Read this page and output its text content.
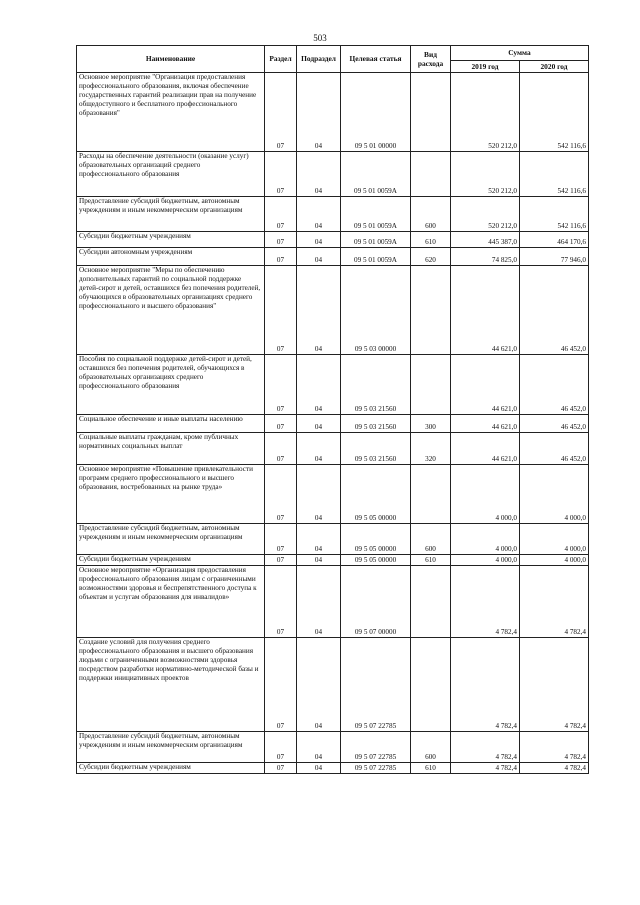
503
Наименование	Раздел	Подраздел	Целевая статья	Вид расхода	Сумма	
					2019 год	2020 год
Основное мероприятие "Организация предоставления профессионального образования, включая обеспечение государственных гарантий реализации прав на получение общедоступного и бесплатного профессионального образования"	07	04	09 5 01 00000		520 212,0	542 116,6
Расходы на обеспечение деятельности (оказание услуг) образовательных организаций среднего профессионального образования	07	04	09 5 01 0059А		520 212,0	542 116,6
Предоставление субсидий бюджетным, автономным учреждениям и иным некоммерческим организациям	07	04	09 5 01 0059А	600	520 212,0	542 116,6
Субсидии бюджетным учреждениям	07	04	09 5 01 0059А	610	445 387,0	464 170,6
Субсидии автономным учреждениям	07	04	09 5 01 0059А	620	74 825,0	77 946,0
Основное мероприятие "Меры по обеспечению дополнительных гарантий по социальной поддержке детей-сирот и детей, оставшихся без попечения родителей, обучающихся в образовательных организациях среднего профессионального и высшего образования"	07	04	09 5 03 00000		44 621,0	46 452,0
Пособия по социальной поддержке детей-сирот и детей, оставшихся без попечения родителей, обучающихся в образовательных организациях среднего профессионального образования	07	04	09 5 03 21560		44 621,0	46 452,0
Социальное обеспечение и иные выплаты населению	07	04	09 5 03 21560	300	44 621,0	46 452,0
Социальные выплаты гражданам, кроме публичных нормативных социальных выплат	07	04	09 5 03 21560	320	44 621,0	46 452,0
Основное мероприятие «Повышение привлекательности программ среднего профессионального и высшего образования, востребованных на рынке труда»	07	04	09 5 05 00000		4 000,0	4 000,0
Предоставление субсидий бюджетным, автономным учреждениям и иным некоммерческим организациям	07	04	09 5 05 00000	600	4 000,0	4 000,0
Субсидии бюджетным учреждениям	07	04	09 5 05 00000	610	4 000,0	4 000,0
Основное мероприятие «Организация предоставления профессионального образования лицам с ограниченными возможностями здоровья и беспрепятственного доступа к объектам и услугам образования для инвалидов»	07	04	09 5 07 00000		4 782,4	4 782,4
Создание условий для получения среднего профессионального образования и высшего образования людьми с ограниченными возможностями здоровья посредством разработки нормативно-методической базы и поддержки инициативных проектов	07	04	09 5 07 22785		4 782,4	4 782,4
Предоставление субсидий бюджетным, автономным учреждениям и иным некоммерческим организациям	07	04	09 5 07 22785	600	4 782,4	4 782,4
Субсидии бюджетным учреждениям	07	04	09 5 07 22785	610	4 782,4	4 782,4
